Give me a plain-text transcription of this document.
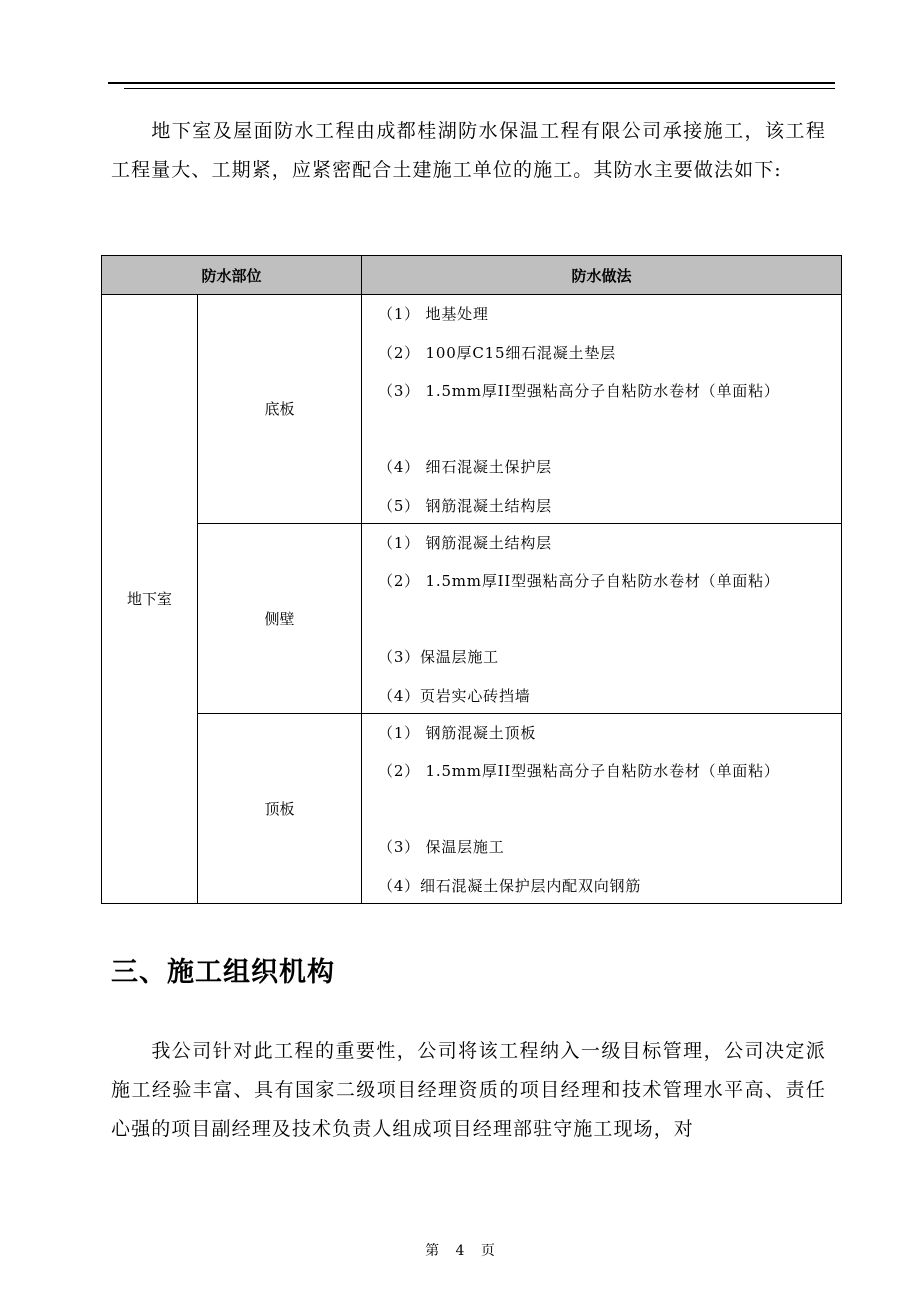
地下室及屋面防水工程由成都桂湖防水保温工程有限公司承接施工，该工程工程量大、工期紧，应紧密配合土建施工单位的施工。其防水主要做法如下:

防水部位		防水做法
地下室	底板	（1） 地基处理
（2） 100厚C15细石混凝土垫层
（3） 1.5mm厚II型强粘高分子自粘防水卷材（单面粘）
（4） 细石混凝土保护层
（5） 钢筋混凝土结构层

	侧壁	（1） 钢筋混凝土结构层
（2） 1.5mm厚II型强粘高分子自粘防水卷材（单面粘）
（3）保温层施工
（4）页岩实心砖挡墙

	顶板	（1） 钢筋混凝土顶板
（2） 1.5mm厚II型强粘高分子自粘防水卷材（单面粘）
（3） 保温层施工
（4）细石混凝土保护层内配双向钢筋
三、施工组织机构

我公司针对此工程的重要性，公司将该工程纳入一级目标管理，公司决定派施工经验丰富、具有国家二级项目经理资质的项目经理和技术管理水平高、责任心强的项目副经理及技术负责人组成项目经理部驻守施工现场，对

第 4 页
